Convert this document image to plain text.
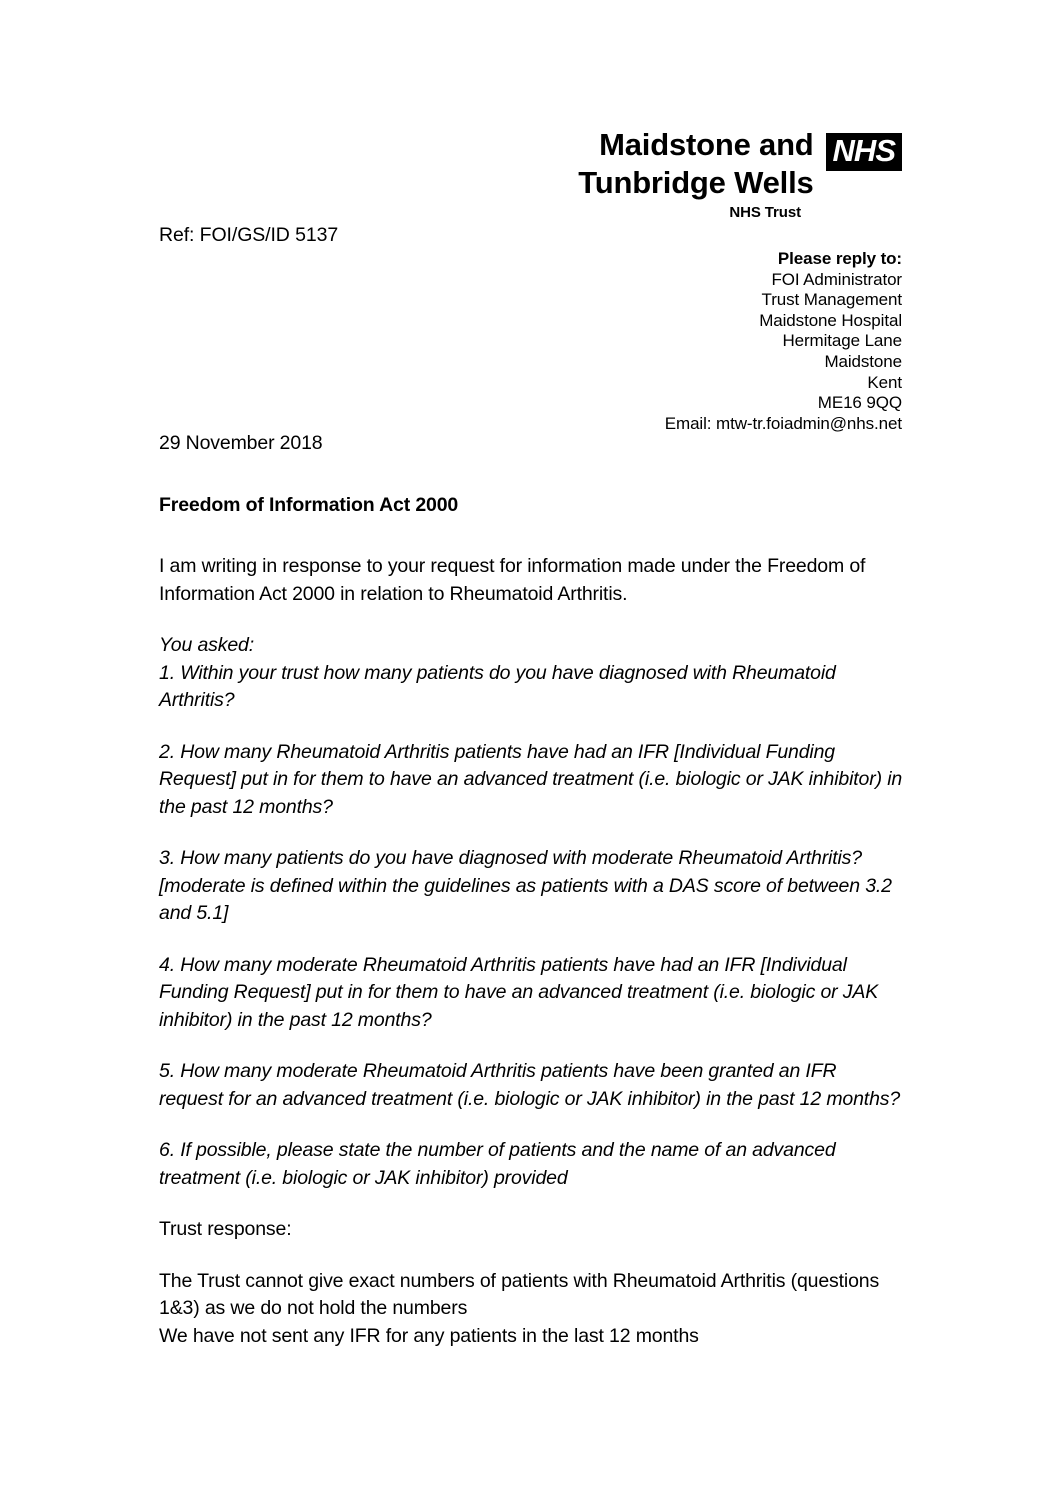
Maidstone and
Tunbridge Wells
NHS
NHS Trust
Ref: FOI/GS/ID 5137
Please reply to:
FOI Administrator
Trust Management
Maidstone Hospital
Hermitage Lane
Maidstone
Kent
ME16 9QQ
Email: mtw-tr.foiadmin@nhs.net

29 November 2018

Freedom of Information Act 2000

I am writing in response to your request for information made under the Freedom of Information Act 2000 in relation to Rheumatoid Arthritis.

You asked:

1. Within your trust how many patients do you have diagnosed with Rheumatoid Arthritis?

2. How many Rheumatoid Arthritis patients have had an IFR [Individual Funding Request] put in for them to have an advanced treatment (i.e. biologic or JAK inhibitor) in the past 12 months?

3. How many patients do you have diagnosed with moderate Rheumatoid Arthritis? [moderate is defined within the guidelines as patients with a DAS score of between 3.2 and 5.1]

4. How many moderate Rheumatoid Arthritis patients have had an IFR [Individual Funding Request] put in for them to have an advanced treatment (i.e. biologic or JAK inhibitor) in the past 12 months?

5. How many moderate Rheumatoid Arthritis patients have been granted an IFR request for an advanced treatment (i.e. biologic or JAK inhibitor) in the past 12 months?

6. If possible, please state the number of patients and the name of an advanced treatment (i.e. biologic or JAK inhibitor) provided

Trust response:

The Trust cannot give exact numbers of patients with Rheumatoid Arthritis (questions 1&3) as we do not hold the numbers

We have not sent any IFR for any patients in the last 12 months
